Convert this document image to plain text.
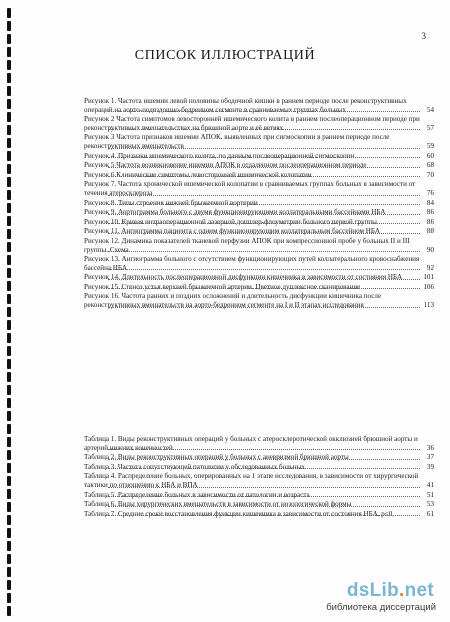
3
СПИСОК ИЛЛЮСТРАЦИЙ
Рисунок 1. Частота ишемии левой половины ободочной кишки в раннем периоде после реконструктивных операций на аорто-подвздошно-бедренном сегменте в сравниваемых группах больных	54
Рисунок 2 Частота симптомов левосторонней ишемического колита в раннем послеоперационном периоде при реконструктивных вмешательствах на брюшной аорте и её ветвях	57
Рисунок 3 Частота признаков ишемии АПОК, выявленных при сигмоскопии в раннем периоде после реконструктивных вмешательств	59
Рисунок 4. Признаки ишемического колита, по данным послеоперационной сигмоскопии	60
Рисунок 5 Частота возникновение ишемии АПОК в отдаленном послеоперационном периоде	68
Рисунок 6 Клинические симптомы левосторонней ишемической колопатии	70
Рисунок 7. Частота хронической ишемической колопатии в сравниваемых группах больных в зависимости от течения атеросклероза	76
Рисунок 8. Типы строения нижней брыжеечной вортерии	84
Рисунок 9. Аортограмма больного с двумя функционирующими коллатеральными бассейнами НБА	86
Рисунок 10. Кривая интраоперационной лазерной допплер-флоуметрии больного первой группы	86
Рисунок 11. Ангиограмма пациента с одним функционирующим коллатеральным бассейном НБА	88
Рисунок 12. Динамика показателей тканевой перфузии АПОК при компрессионной пробе у больных II и III группы. Схема	90
Рисунок 13. Ангиограмма больного с отсутствием функционирующих путей коллатерального кровоснабжения бассейна НБА	92
Рисунок 14. Длительность послеоперационной дисфункции кишечника в зависимости от состояния НБА	101
Рисунок 15. Стеноз устья верхней брыжеечной артерии. Цветное дуплексное сканирование	106
Рисунок 16. Частота ранних и поздних осложнений и длительность дисфункции кишечника после реконструктивных вмешательств на аорто-бедренном сегменте на I и II этапах исследования	113
Таблица 1. Виды реконструктивных операций у больных с атеросклеротической окклюзией брюшной аорты и артерий нижних конечностей	36
Таблица 2. Виды реконструктивных операций у больных с аневризмой брюшной аорты	37
Таблица 3. Частота сопутствующей патологии у обследованных больных	39
Таблица 4. Распределение больных, оперированных на 1 этапе исследования, в зависимости от хирургической тактики по отношению к НБА и ВПА	41
Таблица 5. Распределение больных в зависимости от патологии и возраста	51
Таблица 6. Виды хирургических вмешательств в зависимости от нозологической формы	53
Таблица 7. Средние сроки восстановления функции кишечника в зависимости от состояния НБА, р≤0,	61
dsLib.net
библиотека диссертаций
